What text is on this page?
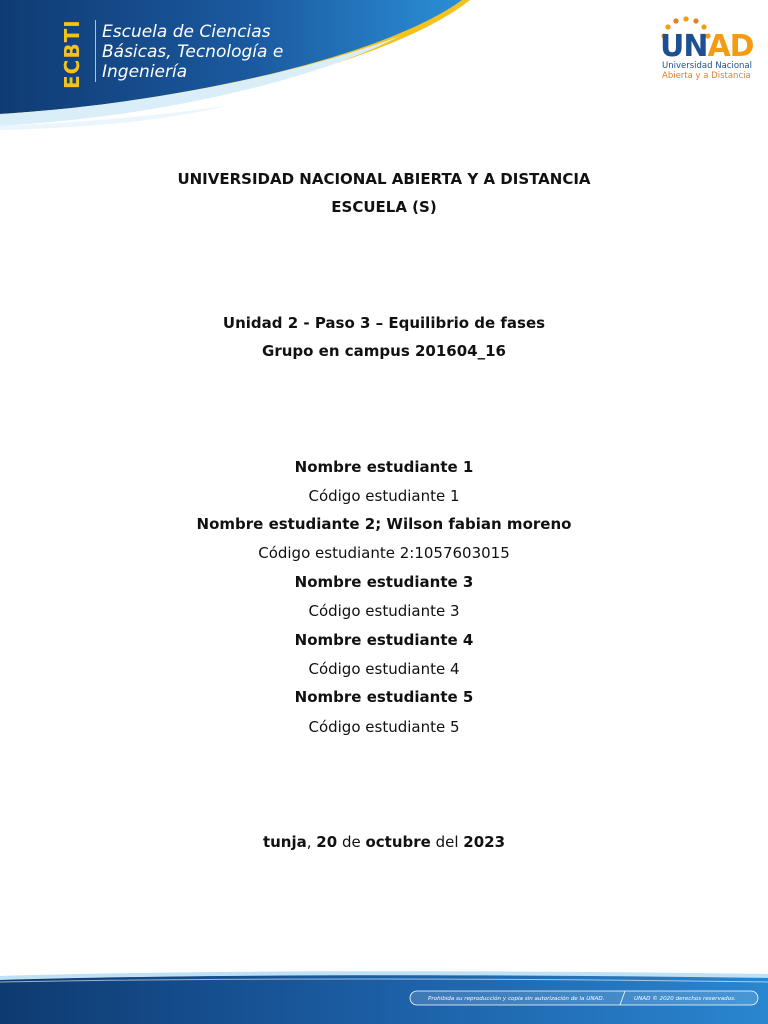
ECBTI	Escuela de Ciencias
Básicas, Tecnología e
Ingeniería
UNAD
Universidad Nacional
Abierta y a Distancia
UNIVERSIDAD NACIONAL ABIERTA Y A DISTANCIA
ESCUELA (S)
Unidad 2 - Paso 3 – Equilibrio de fases
Grupo en campus 201604_16
Nombre estudiante 1
Código estudiante 1
Nombre estudiante 2; Wilson fabian moreno
Código estudiante 2:1057603015
Nombre estudiante 3
Código estudiante 3
Nombre estudiante 4
Código estudiante 4
Nombre estudiante 5
Código estudiante 5
tunja, 20 de octubre del 2023
Prohibida su reproducción y copia sin autorización de la UNAD.	UNAD © 2020 derechos reservados.
